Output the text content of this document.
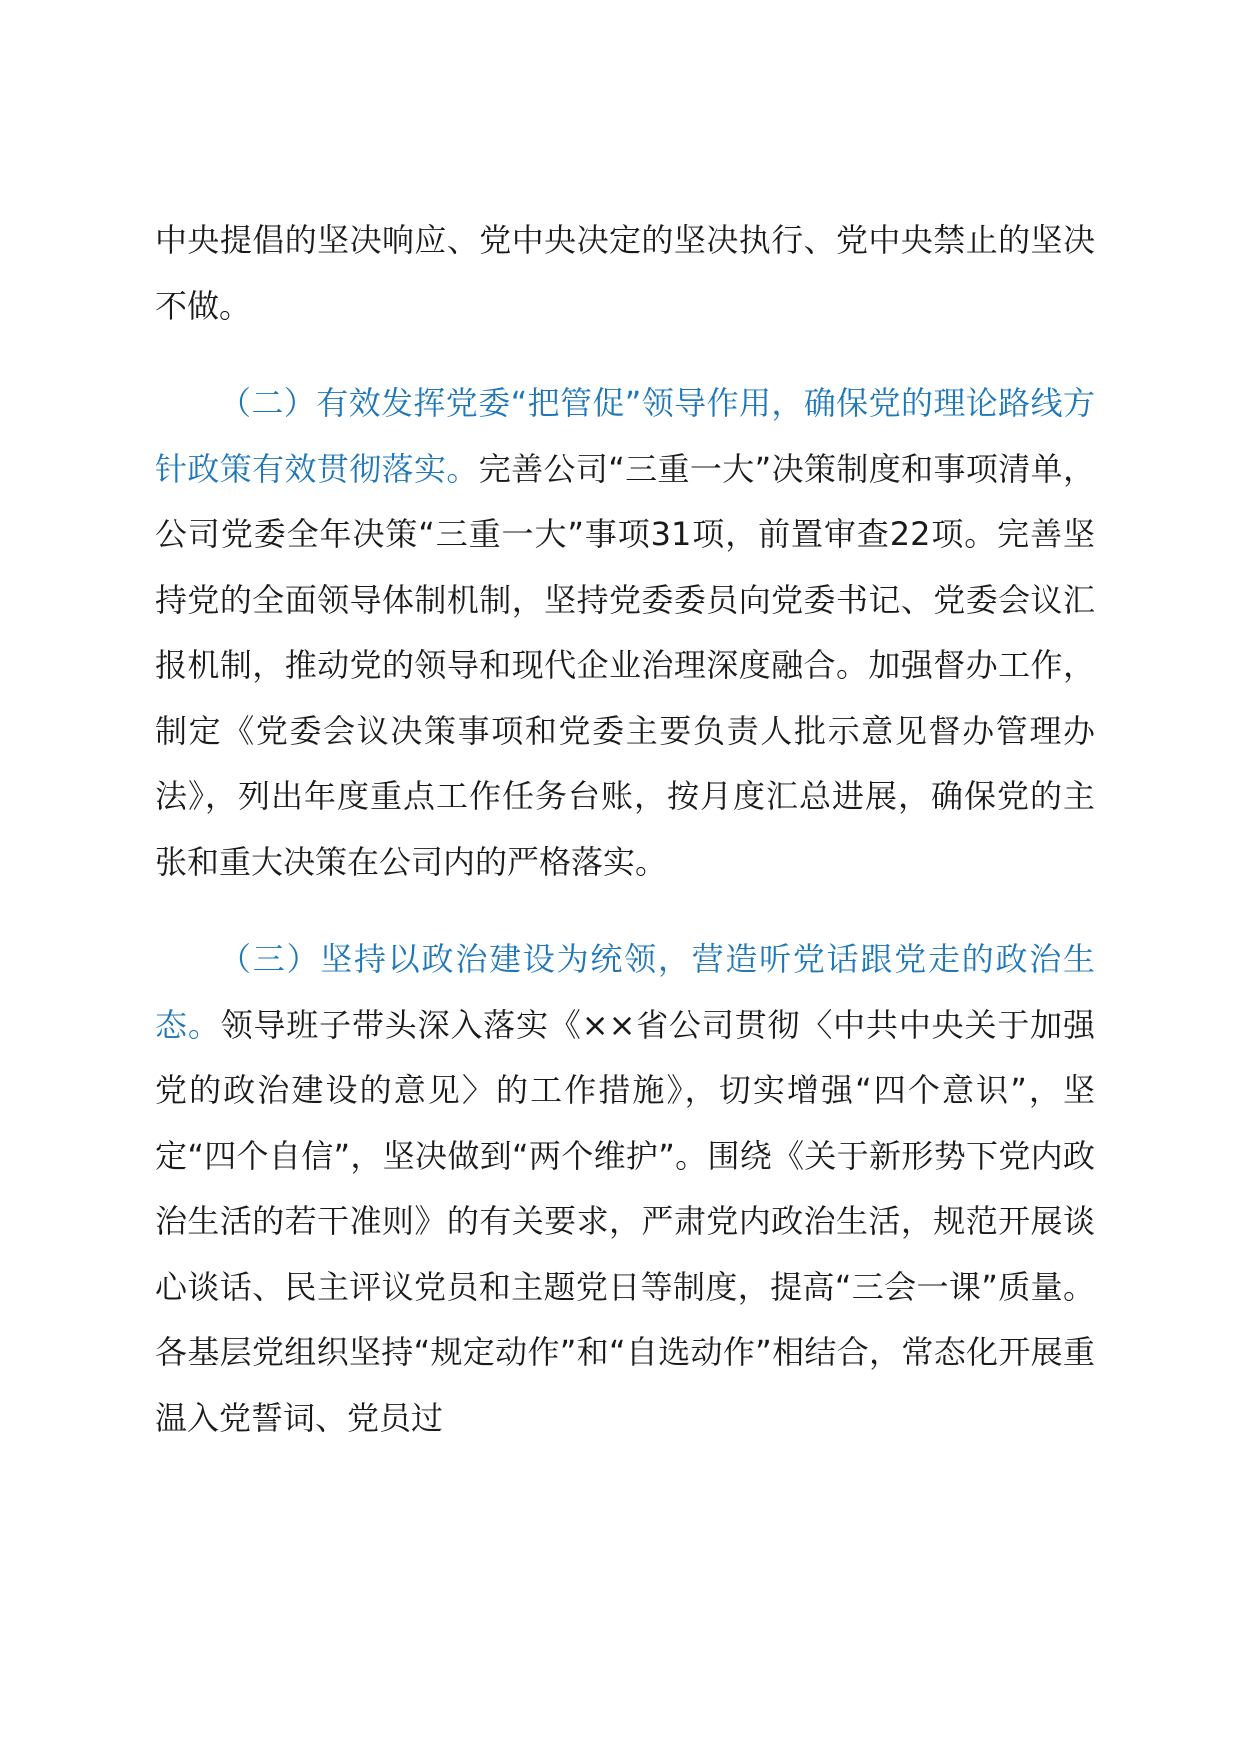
中央提倡的坚决响应、党中央决定的坚决执行、党中央禁止的坚决不做。

（二）有效发挥党委“把管促”领导作用，确保党的理论路线方针政策有效贯彻落实。完善公司“三重一大”决策制度和事项清单，公司党委全年决策“三重一大”事项31项，前置审查22项。完善坚持党的全面领导体制机制，坚持党委委员向党委书记、党委会议汇报机制，推动党的领导和现代企业治理深度融合。加强督办工作，制定《党委会议决策事项和党委主要负责人批示意见督办管理办法》，列出年度重点工作任务台账，按月度汇总进展，确保党的主张和重大决策在公司内的严格落实。

（三）坚持以政治建设为统领，营造听党话跟党走的政治生态。领导班子带头深入落实《××省公司贯彻〈中共中央关于加强党的政治建设的意见〉的工作措施》，切实增强“四个意识”，坚定“四个自信”，坚决做到“两个维护”。围绕《关于新形势下党内政治生活的若干准则》的有关要求，严肃党内政治生活，规范开展谈心谈话、民主评议党员和主题党日等制度，提高“三会一课”质量。各基层党组织坚持“规定动作”和“自选动作”相结合，常态化开展重温入党誓词、党员过
